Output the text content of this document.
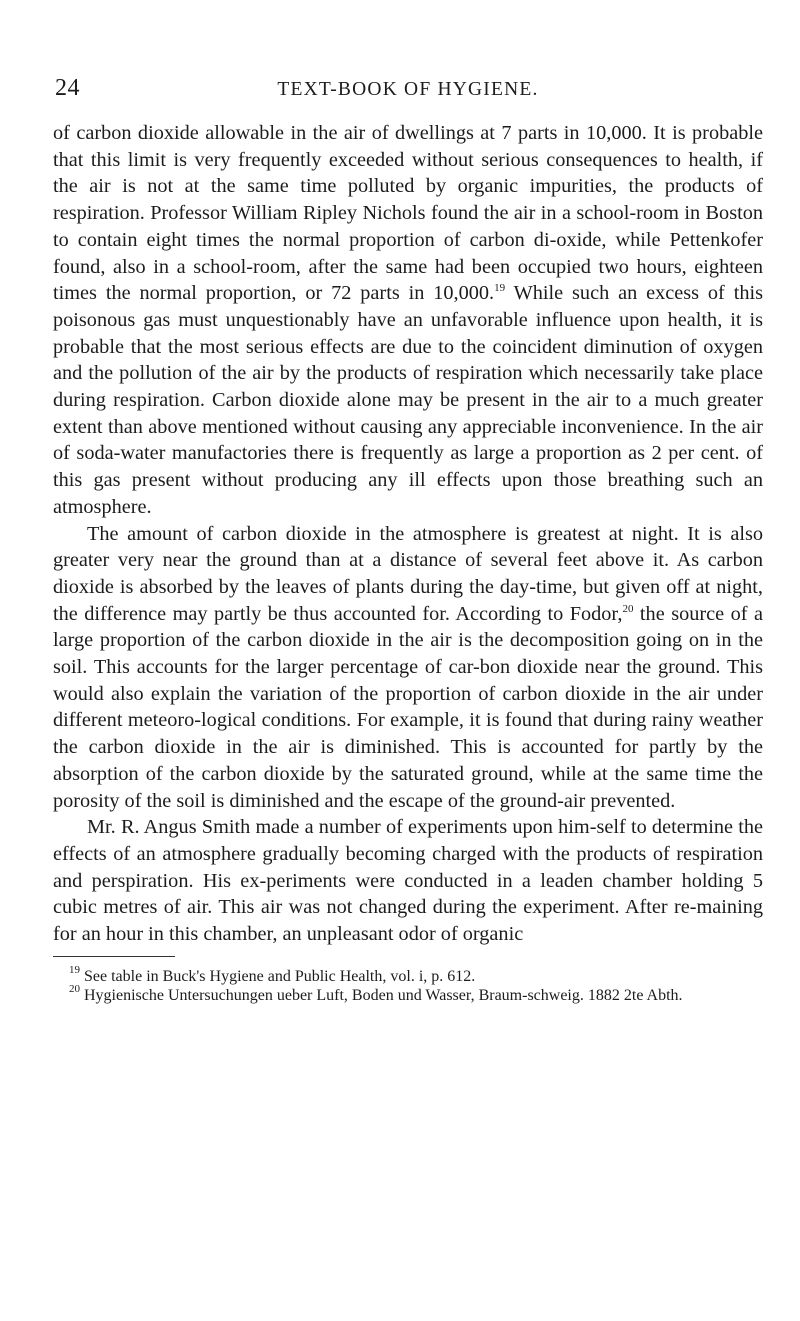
24	TEXT-BOOK OF HYGIENE.

of carbon dioxide allowable in the air of dwellings at 7 parts in 10,000. It is probable that this limit is very frequently exceeded without serious consequences to health, if the air is not at the same time polluted by organic impurities, the products of respiration. Professor William Ripley Nichols found the air in a school-room in Boston to contain eight times the normal proportion of carbon di-oxide, while Pettenkofer found, also in a school-room, after the same had been occupied two hours, eighteen times the normal proportion, or 72 parts in 10,000.19 While such an excess of this poisonous gas must unquestionably have an unfavorable influence upon health, it is probable that the most serious effects are due to the coincident diminution of oxygen and the pollution of the air by the products of respiration which necessarily take place during respiration. Carbon dioxide alone may be present in the air to a much greater extent than above mentioned without causing any appreciable inconvenience. In the air of soda-water manufactories there is frequently as large a proportion as 2 per cent. of this gas present without producing any ill effects upon those breathing such an atmosphere.

The amount of carbon dioxide in the atmosphere is greatest at night. It is also greater very near the ground than at a distance of several feet above it. As carbon dioxide is absorbed by the leaves of plants during the day-time, but given off at night, the difference may partly be thus accounted for. According to Fodor,$^{20}$ the source of a large proportion of the carbon dioxide in the air is the decomposition going on in the soil. This accounts for the larger percentage of car-bon dioxide near the ground. This would also explain the variation of the proportion of carbon dioxide in the air under different meteoro-logical conditions. For example, it is found that during rainy weather the carbon dioxide in the air is diminished. This is accounted for partly by the absorption of the carbon dioxide by the saturated ground, while at the same time the porosity of the soil is diminished and the escape of the ground-air prevented.

Mr. R. Angus Smith made a number of experiments upon him-self to determine the effects of an atmosphere gradually becoming charged with the products of respiration and perspiration. His ex-periments were conducted in a leaden chamber holding 5 cubic metres of air. This air was not changed during the experiment. After re-maining for an hour in this chamber, an unpleasant odor of organic

$^{19}$ See table in Buck's Hygiene and Public Health, vol. i, p. 612.

$^{20}$ Hygienische Untersuchungen ueber Luft, Boden und Wasser, Braum-schweig. 1882 2te Abth.
